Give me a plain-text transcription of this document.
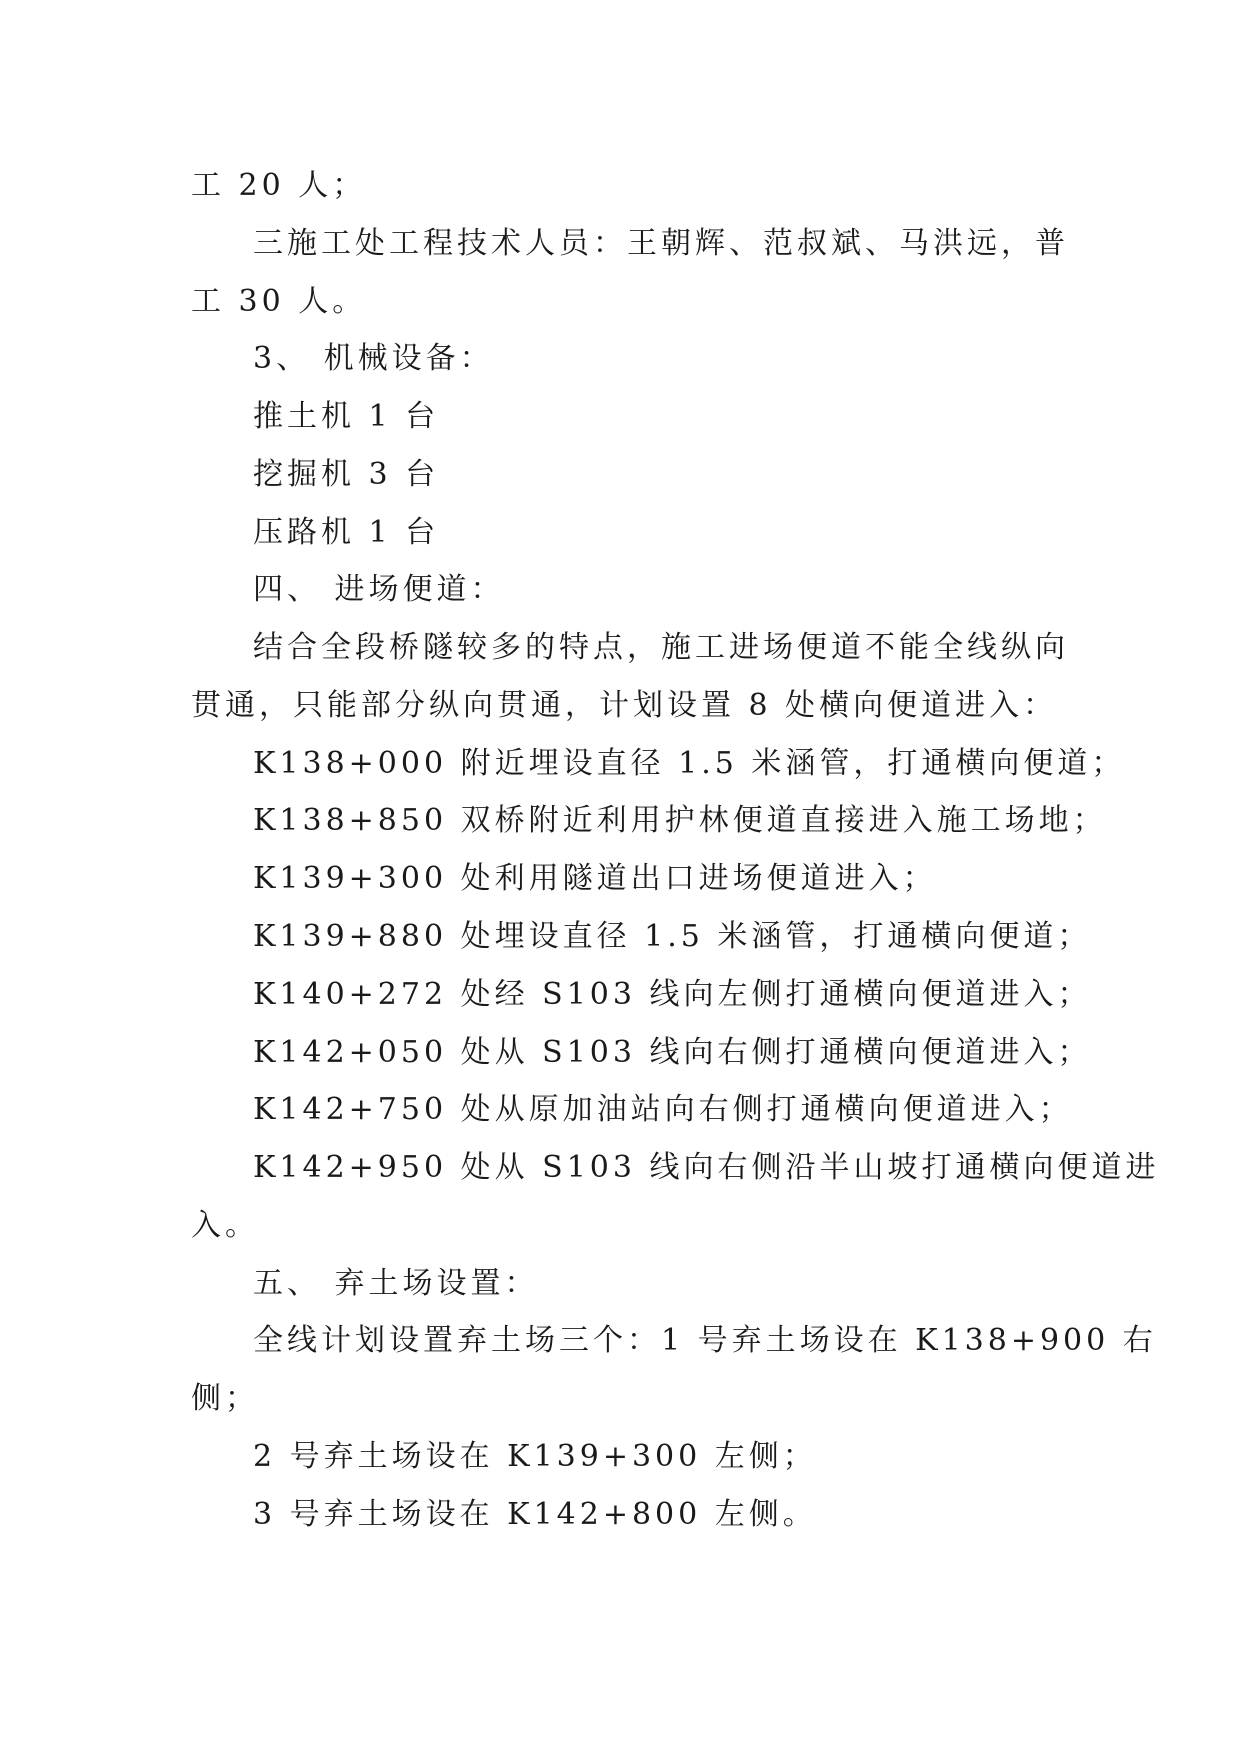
工 20 人；
三施工处工程技术人员：王朝辉、范叔斌、马洪远，普
工 30 人。
3、 机械设备：
推土机 1 台
挖掘机 3 台
压路机 1 台
四、 进场便道：
结合全段桥隧较多的特点，施工进场便道不能全线纵向
贯通，只能部分纵向贯通，计划设置 8 处横向便道进入：
K138+000 附近埋设直径 1.5 米涵管，打通横向便道；
K138+850 双桥附近利用护林便道直接进入施工场地；
K139+300 处利用隧道出口进场便道进入；
K139+880 处埋设直径 1.5 米涵管，打通横向便道；
K140+272 处经 S103 线向左侧打通横向便道进入；
K142+050 处从 S103 线向右侧打通横向便道进入；
K142+750 处从原加油站向右侧打通横向便道进入；
K142+950 处从 S103 线向右侧沿半山坡打通横向便道进
入。
五、 弃土场设置：
全线计划设置弃土场三个：1 号弃土场设在 K138+900 右
侧；
2 号弃土场设在 K139+300 左侧；
3 号弃土场设在 K142+800 左侧。
